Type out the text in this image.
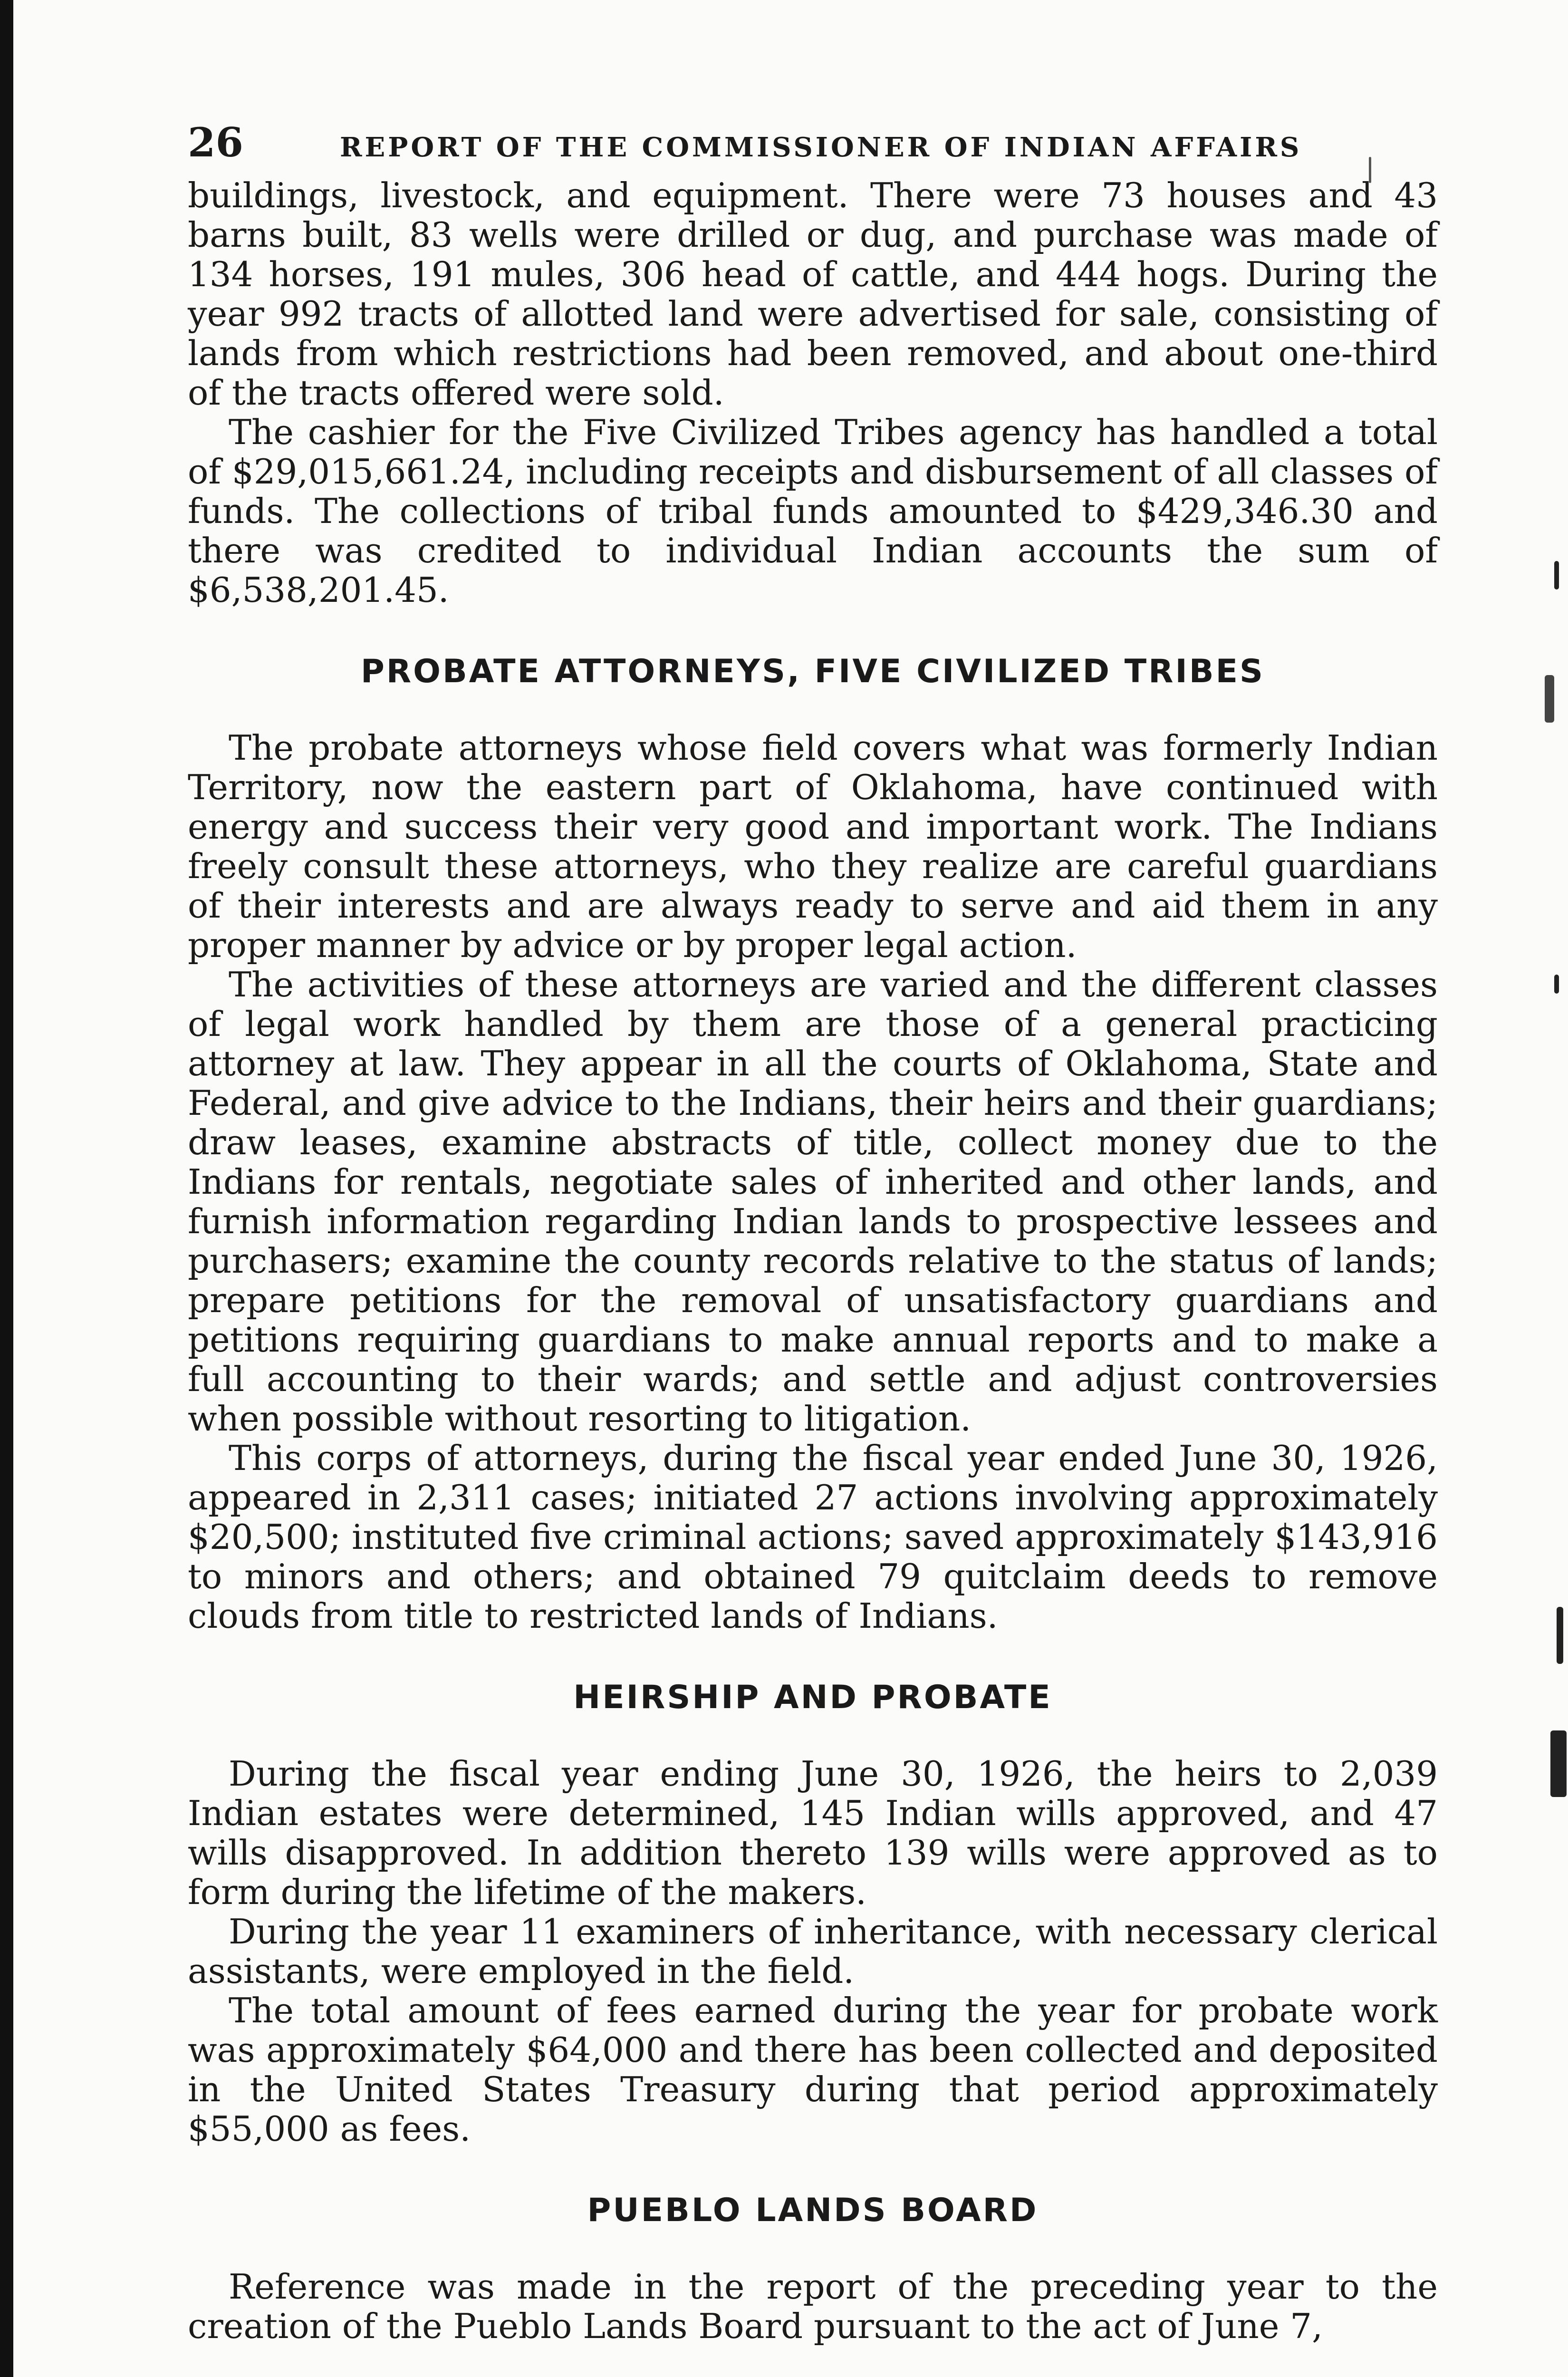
26	REPORT OF THE COMMISSIONER OF INDIAN AFFAIRS

buildings, livestock, and equipment. There were 73 houses and 43 barns built, 83 wells were drilled or dug, and purchase was made of 134 horses, 191 mules, 306 head of cattle, and 444 hogs. During the year 992 tracts of allotted land were advertised for sale, consisting of lands from which restrictions had been removed, and about one-third of the tracts offered were sold.

The cashier for the Five Civilized Tribes agency has handled a total of $29,015,661.24, including receipts and disbursement of all classes of funds. The collections of tribal funds amounted to $429,346.30 and there was credited to individual Indian accounts the sum of $6,538,201.45.

PROBATE ATTORNEYS, FIVE CIVILIZED TRIBES

The probate attorneys whose field covers what was formerly Indian Territory, now the eastern part of Oklahoma, have continued with energy and success their very good and important work. The Indians freely consult these attorneys, who they realize are careful guardians of their interests and are always ready to serve and aid them in any proper manner by advice or by proper legal action.

The activities of these attorneys are varied and the different classes of legal work handled by them are those of a general practicing attorney at law. They appear in all the courts of Oklahoma, State and Federal, and give advice to the Indians, their heirs and their guardians; draw leases, examine abstracts of title, collect money due to the Indians for rentals, negotiate sales of inherited and other lands, and furnish information regarding Indian lands to prospective lessees and purchasers; examine the county records relative to the status of lands; prepare petitions for the removal of unsatisfactory guardians and petitions requiring guardians to make annual reports and to make a full accounting to their wards; and settle and adjust controversies when possible without resorting to litigation.

This corps of attorneys, during the fiscal year ended June 30, 1926, appeared in 2,311 cases; initiated 27 actions involving approximately $20,500; instituted five criminal actions; saved approximately $143,916 to minors and others; and obtained 79 quitclaim deeds to remove clouds from title to restricted lands of Indians.

HEIRSHIP AND PROBATE

During the fiscal year ending June 30, 1926, the heirs to 2,039 Indian estates were determined, 145 Indian wills approved, and 47 wills disapproved. In addition thereto 139 wills were approved as to form during the lifetime of the makers.

During the year 11 examiners of inheritance, with necessary clerical assistants, were employed in the field.

The total amount of fees earned during the year for probate work was approximately $64,000 and there has been collected and deposited in the United States Treasury during that period approximately $55,000 as fees.

PUEBLO LANDS BOARD

Reference was made in the report of the preceding year to the creation of the Pueblo Lands Board pursuant to the act of June 7,
